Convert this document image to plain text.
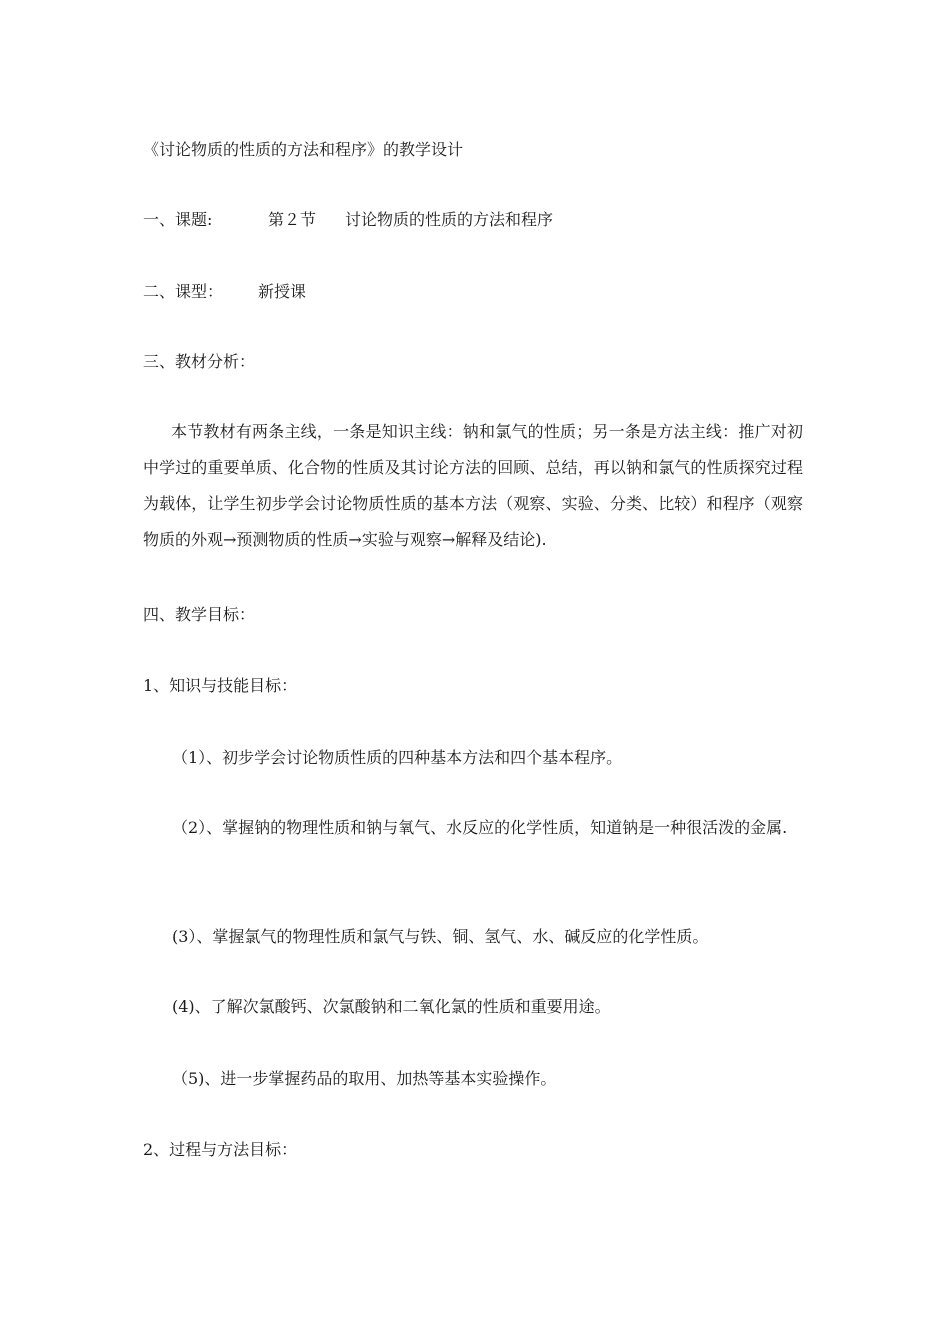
《讨论物质的性质的方法和程序》的教学设计
一、课题:	第２节 讨论物质的性质的方法和程序
二、课型： 新授课
三、教材分析：
本节教材有两条主线，一条是知识主线：钠和氯气的性质；另一条是方法主线：推广对初中学过的重要单质、化合物的性质及其讨论方法的回顾、总结，再以钠和氯气的性质探究过程为载体，让学生初步学会讨论物质性质的基本方法（观察、实验、分类、比较）和程序（观察物质的外观→预测物质的性质→实验与观察→解释及结论).
四、教学目标：
1、知识与技能目标：
（1）、初步学会讨论物质性质的四种基本方法和四个基本程序。
（2）、掌握钠的物理性质和钠与氧气、水反应的化学性质，知道钠是一种很活泼的金属.
(3）、掌握氯气的物理性质和氯气与铁、铜、氢气、水、碱反应的化学性质。
(4)、了解次氯酸钙、次氯酸钠和二氧化氯的性质和重要用途。
（5)、进一步掌握药品的取用、加热等基本实验操作。
2、过程与方法目标：
